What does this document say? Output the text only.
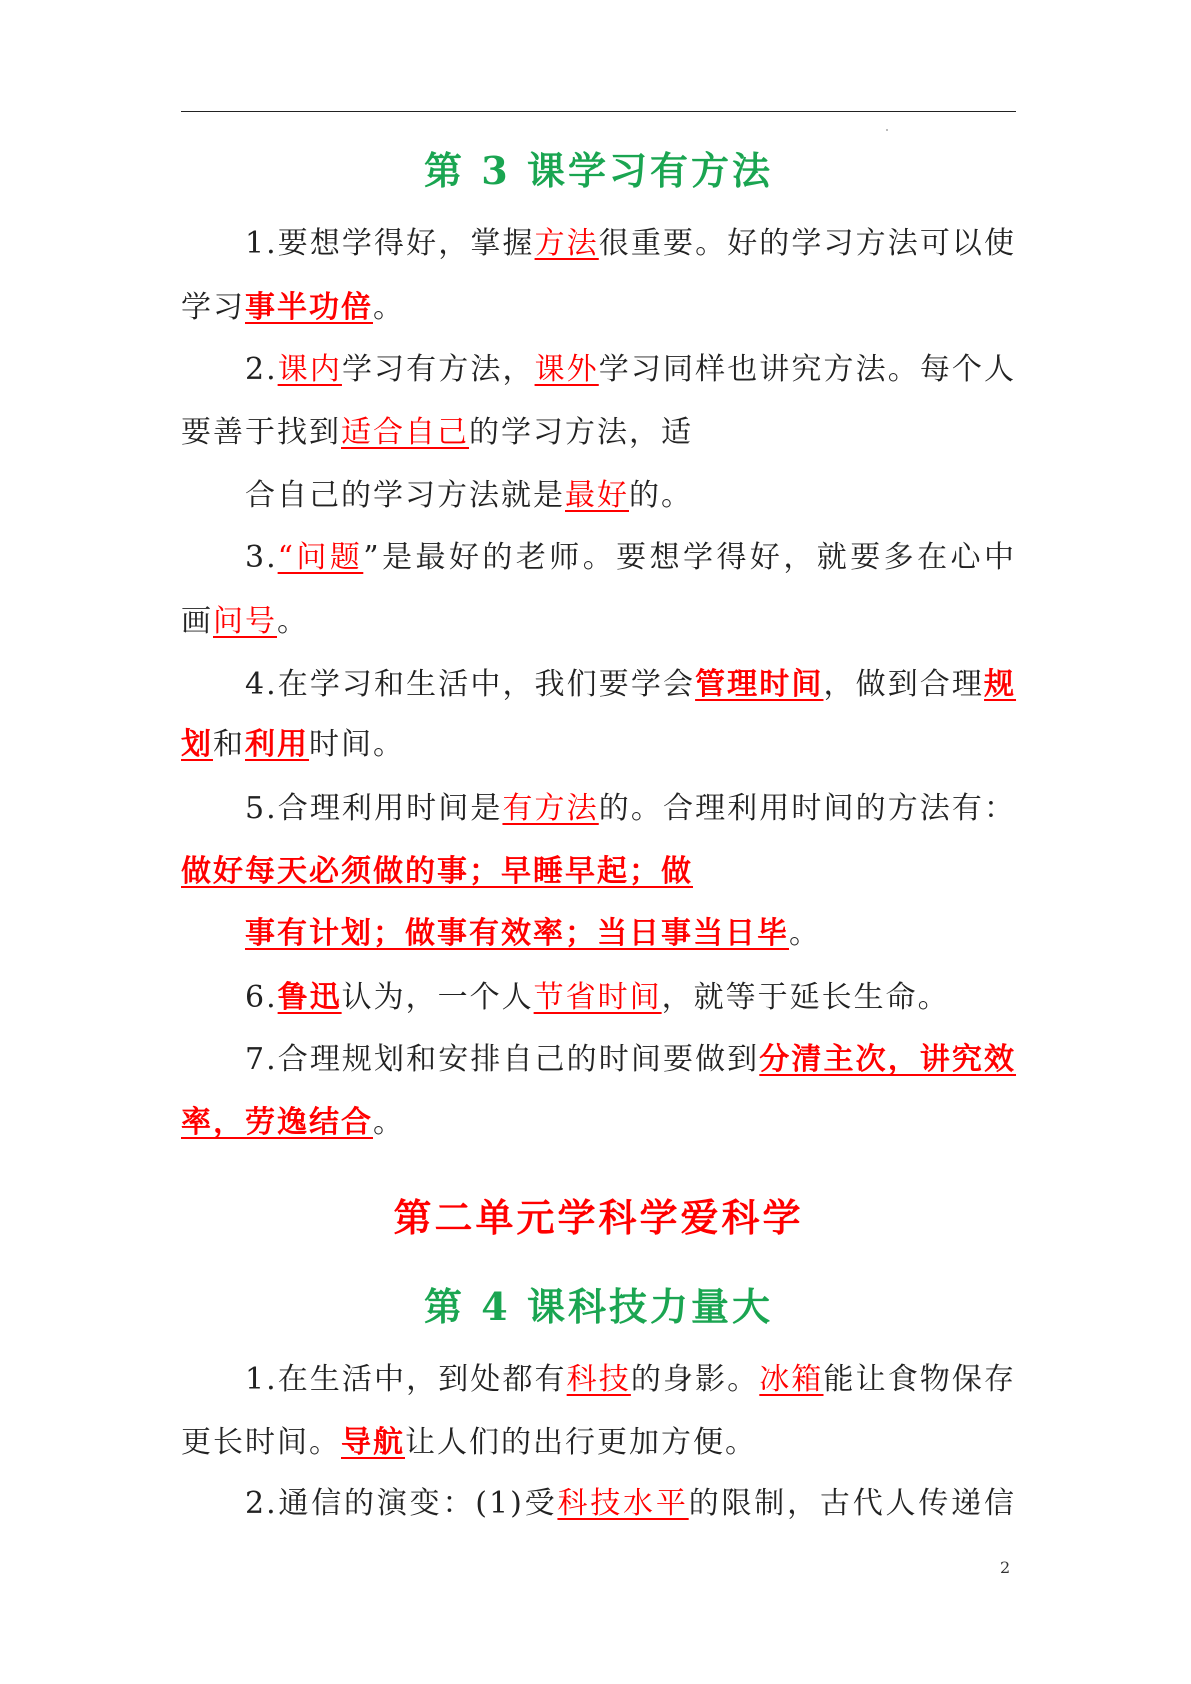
第 3 课学习有方法
第二单元学科学爱科学
第 4 课科技力量大
1.要想学得好，掌握方法很重要。好的学习方法可以使
学习事半功倍。
2.课内学习有方法，课外学习同样也讲究方法。每个人
要善于找到适合自己的学习方法，适
合自己的学习方法就是最好的。
3.“问题”是最好的老师。要想学得好，就要多在心中
画问号。
4.在学习和生活中，我们要学会管理时间，做到合理规
划和利用时间。
5.合理利用时间是有方法的。合理利用时间的方法有：
做好每天必须做的事；早睡早起；做
事有计划；做事有效率；当日事当日毕。
6.鲁迅认为，一个人节省时间，就等于延长生命。
7.合理规划和安排自己的时间要做到分清主次，讲究效
率，劳逸结合。
1.在生活中，到处都有科技的身影。冰箱能让食物保存
更长时间。导航让人们的出行更加方便。
2.通信的演变：(1)受科技水平的限制，古代人传递信
2
